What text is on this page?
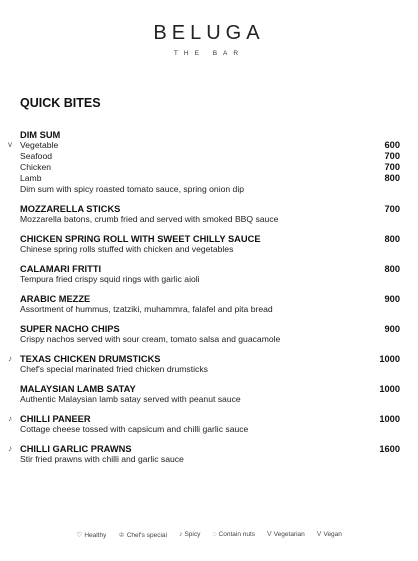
BELUGA
THE BAR
QUICK BITES
DIM SUM
v Vegetable	600
Seafood	700
Chicken	700
Lamb	800
Dim sum with spicy roasted tomato sauce, spring onion dip
MOZZARELLA STICKS	700
Mozzarella batons, crumb fried and served with smoked BBQ sauce
CHICKEN SPRING ROLL WITH SWEET CHILLY SAUCE	800
Chinese spring rolls stuffed with chicken and vegetables
CALAMARI FRITTI	800
Tempura fried crispy squid rings with garlic aioli
ARABIC MEZZE	900
Assortment of hummus, tzatziki, muhammra, falafel and pita bread
SUPER NACHO CHIPS	900
Crispy nachos served with sour cream, tomato salsa and guacamole
♪ TEXAS CHICKEN DRUMSTICKS	1000
Chef's special marinated fried chicken drumsticks
MALAYSIAN LAMB SATAY	1000
Authentic Malaysian lamb satay served with peanut sauce
♪ CHILLI PANEER	1000
Cottage cheese tossed with capsicum and chilli garlic sauce
♪ CHILLI GARLIC PRAWNS	1600
Stir fried prawns with chilli and garlic sauce
♡ Healthy ♔ Chef's special ♪ Spicy ◌ Contain nuts V Vegetarian V Vegan
